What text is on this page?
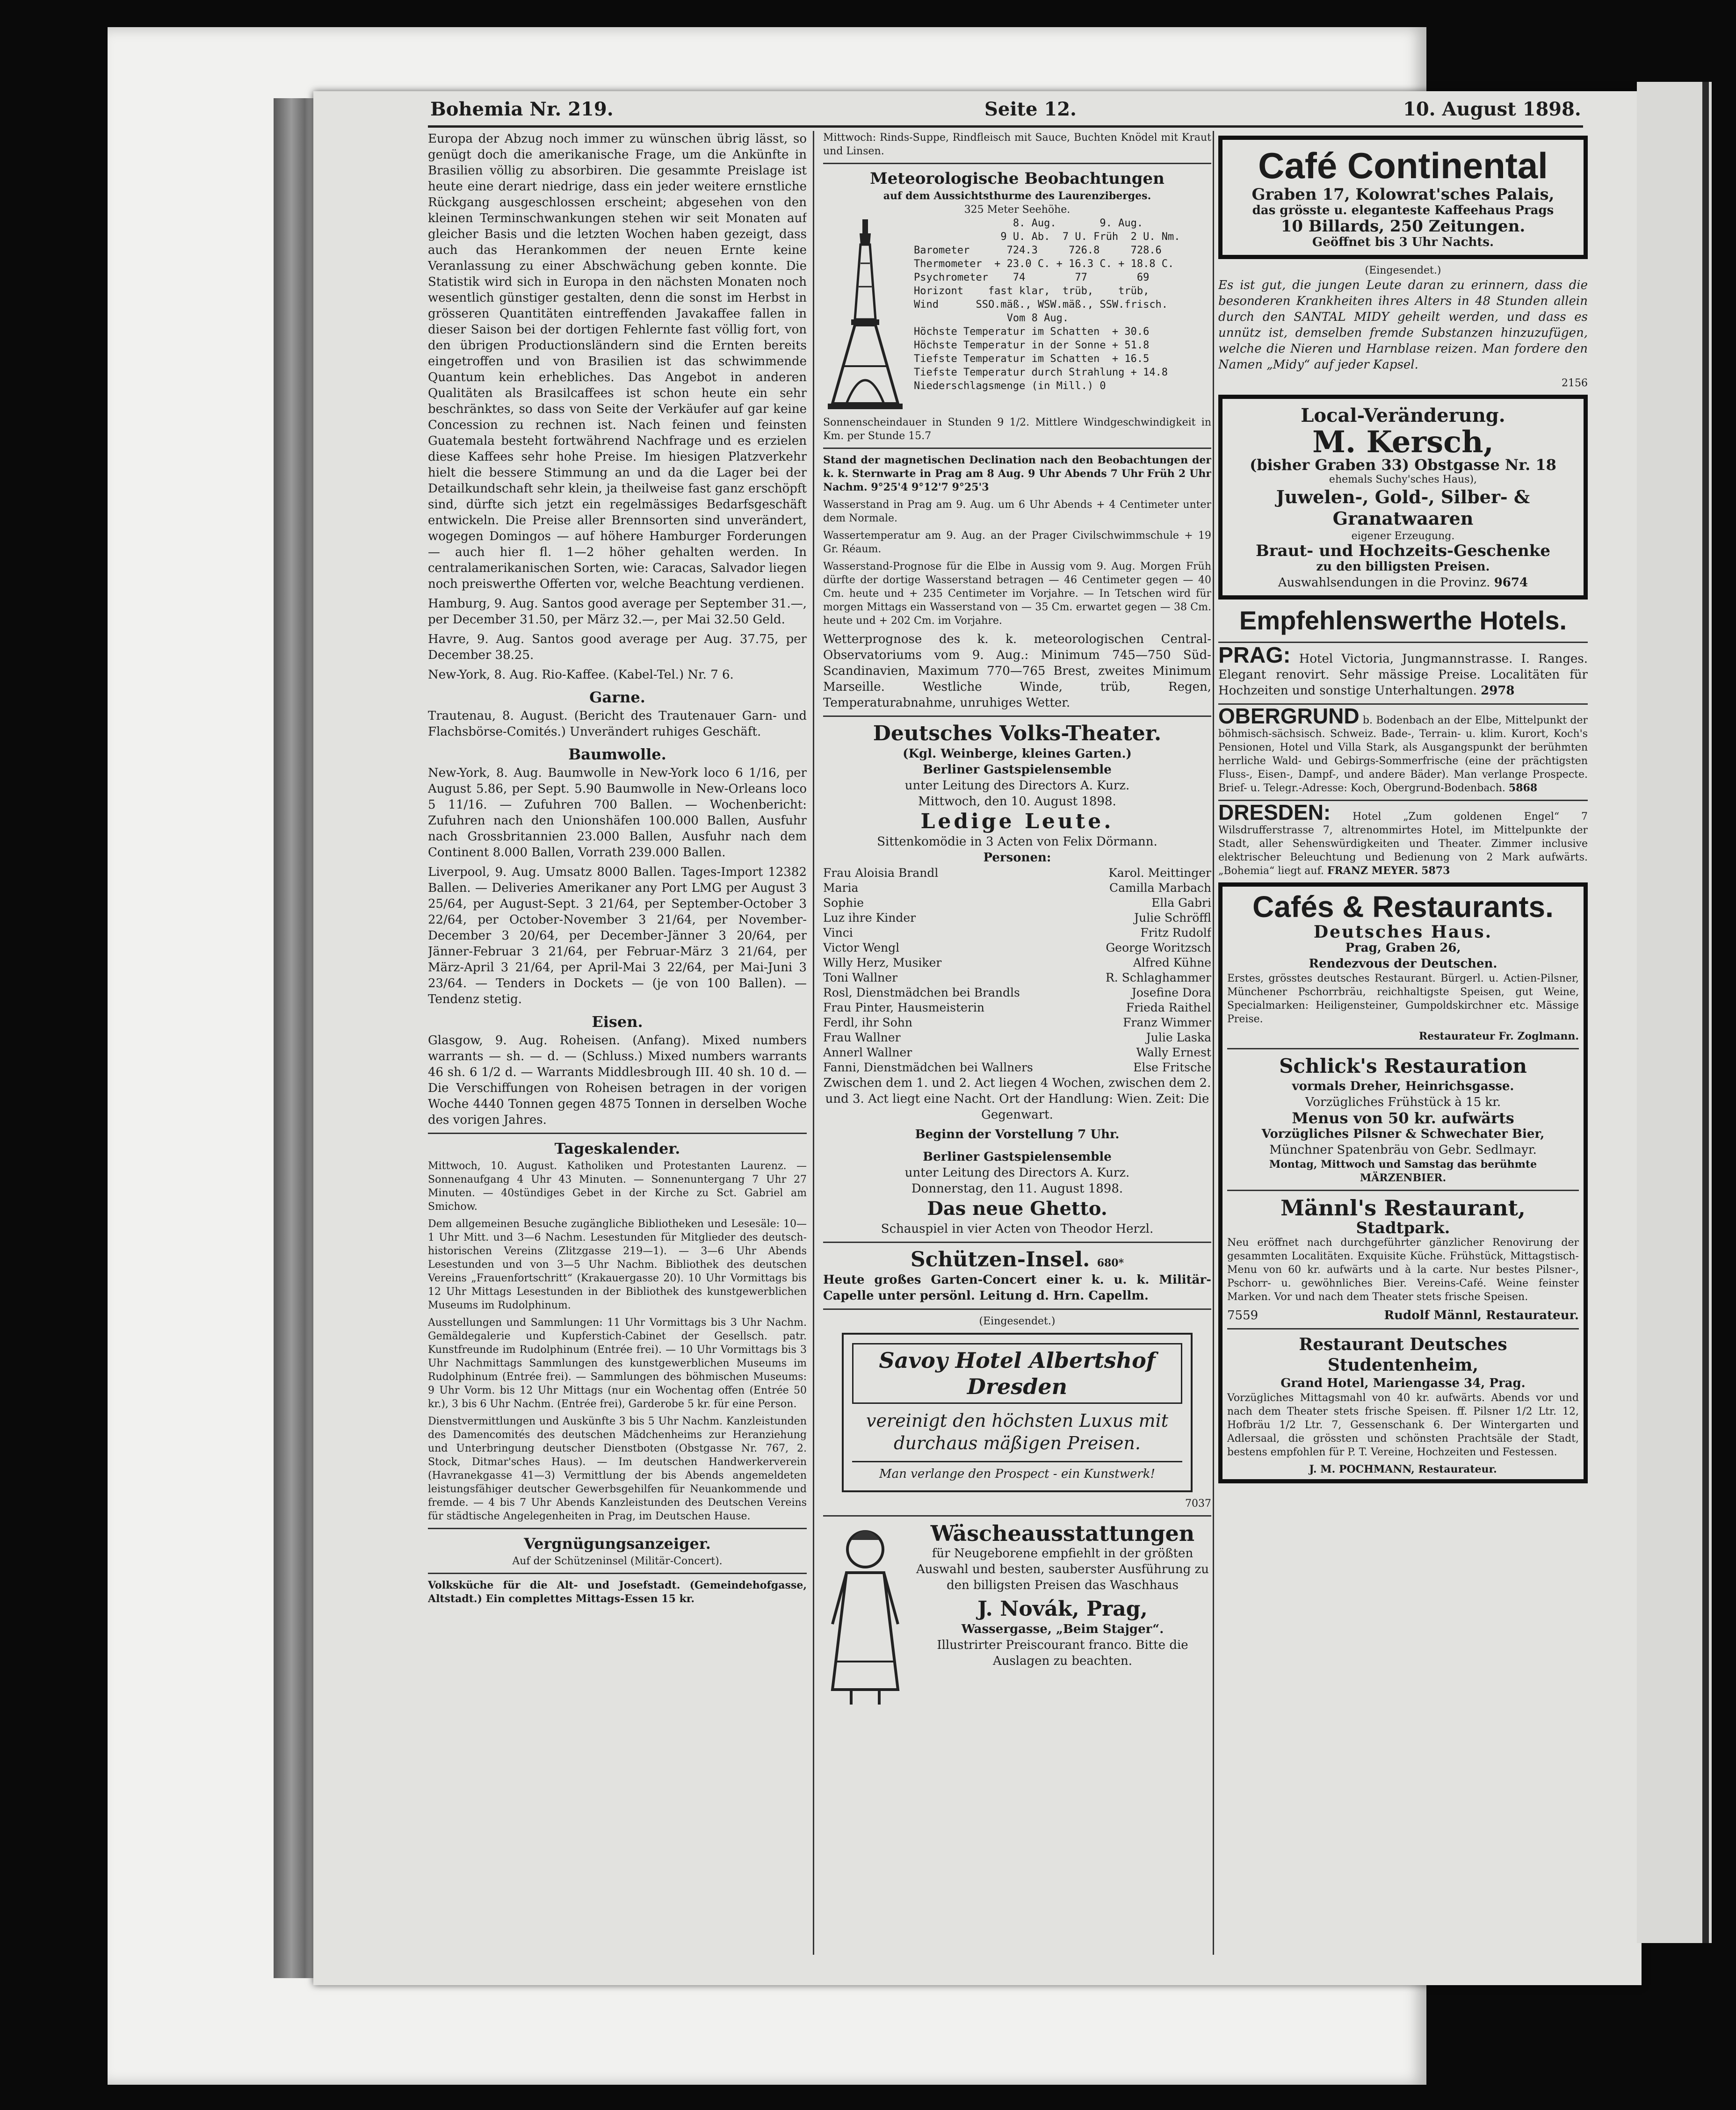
Bohemia Nr. 219.	Seite 12.	10. August 1898.

Europa der Abzug noch immer zu wünschen übrig lässt, so genügt doch die amerikanische Frage, um die Ankünfte in Brasilien völlig zu absorbiren. Die gesammte Preislage ist heute eine derart niedrige, dass ein jeder weitere ernstliche Rückgang ausgeschlossen erscheint; abgesehen von den kleinen Terminschwankungen stehen wir seit Monaten auf gleicher Basis und die letzten Wochen haben gezeigt, dass auch das Herankommen der neuen Ernte keine Veranlassung zu einer Abschwächung geben konnte. Die Statistik wird sich in Europa in den nächsten Monaten noch wesentlich günstiger gestalten, denn die sonst im Herbst in grösseren Quantitäten eintreffenden Javakaffee fallen in dieser Saison bei der dortigen Fehlernte fast völlig fort, von den übrigen Productionsländern sind die Ernten bereits eingetroffen und von Brasilien ist das schwimmende Quantum kein erhebliches. Das Angebot in anderen Qualitäten als Brasilcaffees ist schon heute ein sehr beschränktes, so dass von Seite der Verkäufer auf gar keine Concession zu rechnen ist. Nach feinen und feinsten Guatemala besteht fortwährend Nachfrage und es erzielen diese Kaffees sehr hohe Preise. Im hiesigen Platzverkehr hielt die bessere Stimmung an und da die Lager bei der Detailkundschaft sehr klein, ja theilweise fast ganz erschöpft sind, dürfte sich jetzt ein regelmässiges Bedarfsgeschäft entwickeln. Die Preise aller Brennsorten sind unverändert, wogegen Domingos — auf höhere Hamburger Forderungen — auch hier fl. 1—2 höher gehalten werden. In centralamerikanischen Sorten, wie: Caracas, Salvador liegen noch preiswerthe Offerten vor, welche Beachtung verdienen.

Hamburg, 9. Aug. Santos good average per September 31.—, per December 31.50, per März 32.—, per Mai 32.50 Geld.

Havre, 9. Aug. Santos good average per Aug. 37.75, per December 38.25.

New-York, 8. Aug. Rio-Kaffee. (Kabel-Tel.) Nr. 7 6.

Garne.

Trautenau, 8. August. (Bericht des Trautenauer Garn- und Flachsbörse-Comités.) Unverändert ruhiges Geschäft.

Baumwolle.

New-York, 8. Aug. Baumwolle in New-York loco 6 1/16, per August 5.86, per Sept. 5.90 Baumwolle in New-Orleans loco 5 11/16. — Zufuhren 700 Ballen. — Wochenbericht: Zufuhren nach den Unionshäfen 100.000 Ballen, Ausfuhr nach Grossbritannien 23.000 Ballen, Ausfuhr nach dem Continent 8.000 Ballen, Vorrath 239.000 Ballen.

Liverpool, 9. Aug. Umsatz 8000 Ballen. Tages-Import 12382 Ballen. — Deliveries Amerikaner any Port LMG per August 3 25/64, per August-Sept. 3 21/64, per September-October 3 22/64, per October-November 3 21/64, per November-December 3 20/64, per December-Jänner 3 20/64, per Jänner-Februar 3 21/64, per Februar-März 3 21/64, per März-April 3 21/64, per April-Mai 3 22/64, per Mai-Juni 3 23/64. — Tenders in Dockets — (je von 100 Ballen). — Tendenz stetig.

Eisen.

Glasgow, 9. Aug. Roheisen. (Anfang). Mixed numbers warrants — sh. — d. — (Schluss.) Mixed numbers warrants 46 sh. 6 1/2 d. — Warrants Middlesbrough III. 40 sh. 10 d. — Die Verschiffungen von Roheisen betragen in der vorigen Woche 4440 Tonnen gegen 4875 Tonnen in derselben Woche des vorigen Jahres.

Tageskalender.

Mittwoch, 10. August. Katholiken und Protestanten Laurenz. — Sonnenaufgang 4 Uhr 43 Minuten. — Sonnenuntergang 7 Uhr 27 Minuten. — 40stündiges Gebet in der Kirche zu Sct. Gabriel am Smichow.

Dem allgemeinen Besuche zugängliche Bibliotheken und Lesesäle: 10—1 Uhr Mitt. und 3—6 Nachm. Lesestunden für Mitglieder des deutsch-historischen Vereins (Zlitzgasse 219—1). — 3—6 Uhr Abends Lesestunden und von 3—5 Uhr Nachm. Bibliothek des deutschen Vereins „Frauenfortschritt“ (Krakauergasse 20). 10 Uhr Vormittags bis 12 Uhr Mittags Lesestunden in der Bibliothek des kunstgewerblichen Museums im Rudolphinum.

Ausstellungen und Sammlungen: 11 Uhr Vormittags bis 3 Uhr Nachm. Gemäldegalerie und Kupferstich-Cabinet der Gesellsch. patr. Kunstfreunde im Rudolphinum (Entrée frei). — 10 Uhr Vormittags bis 3 Uhr Nachmittags Sammlungen des kunstgewerblichen Museums im Rudolphinum (Entrée frei). — Sammlungen des böhmischen Museums: 9 Uhr Vorm. bis 12 Uhr Mittags (nur ein Wochentag offen (Entrée 50 kr.), 3 bis 6 Uhr Nachm. (Entrée frei), Garderobe 5 kr. für eine Person.

Dienstvermittlungen und Auskünfte 3 bis 5 Uhr Nachm. Kanzleistunden des Damencomités des deutschen Mädchenheims zur Heranziehung und Unterbringung deutscher Dienstboten (Obstgasse Nr. 767, 2. Stock, Ditmar'sches Haus). — Im deutschen Handwerkerverein (Havranekgasse 41—3) Vermittlung der bis Abends angemeldeten leistungsfähiger deutscher Gewerbsgehilfen für Neuankommende und fremde. — 4 bis 7 Uhr Abends Kanzleistunden des Deutschen Vereins für städtische Angelegenheiten in Prag, im Deutschen Hause.

Vergnügungsanzeiger.

Auf der Schützeninsel (Militär-Concert).

Volksküche für die Alt- und Josefstadt. (Gemeindehofgasse, Altstadt.) Ein complettes Mittags-Essen 15 kr.

Mittwoch: Rinds-Suppe, Rindfleisch mit Sauce, Buchten Knödel mit Kraut und Linsen.

Meteorologische Beobachtungen
auf dem Aussichtsthurme des Laurenziberges.
325 Meter Seehöhe.
8. Aug.       9. Aug.
9 U. Ab.  7 U. Früh  2 U. Nm.
Barometer      724.3     726.8     728.6
Thermometer  + 23.0 C. + 16.3 C. + 18.8 C.
Psychrometer    74        77        69
Horizont    fast klar,  trüb,    trüb,
Wind      SSO.mäß., WSW.mäß., SSW.frisch.
Vom 8 Aug.
Höchste Temperatur im Schatten  + 30.6
Höchste Temperatur in der Sonne + 51.8
Tiefste Temperatur im Schatten  + 16.5
Tiefste Temperatur durch Strahlung + 14.8
Niederschlagsmenge (in Mill.) 0

Sonnenscheindauer in Stunden 9 1/2. Mittlere Windgeschwindigkeit in Km. per Stunde 15.7

Stand der magnetischen Declination nach den Beobachtungen der k. k. Sternwarte in Prag am 8 Aug. 9 Uhr Abends 7 Uhr Früh 2 Uhr Nachm. 9°25'4 9°12'7 9°25'3

Wasserstand in Prag am 9. Aug. um 6 Uhr Abends + 4 Centimeter unter dem Normale.

Wassertemperatur am 9. Aug. an der Prager Civilschwimmschule + 19 Gr. Réaum.

Wasserstand-Prognose für die Elbe in Aussig vom 9. Aug. Morgen Früh dürfte der dortige Wasserstand betragen — 46 Centimeter gegen — 40 Cm. heute und + 235 Centimeter im Vorjahre. — In Tetschen wird für morgen Mittags ein Wasserstand von — 35 Cm. erwartet gegen — 38 Cm. heute und + 202 Cm. im Vorjahre.

Wetterprognose des k. k. meteorologischen Central-Observatoriums vom 9. Aug.: Minimum 745—750 Süd-Scandinavien, Maximum 770—765 Brest, zweites Minimum Marseille. Westliche Winde, trüb, Regen, Temperaturabnahme, unruhiges Wetter.

Deutsches Volks-Theater.
(Kgl. Weinberge, kleines Garten.)
Berliner Gastspielensemble
unter Leitung des Directors A. Kurz.
Mittwoch, den 10. August 1898.
Ledige Leute.
Sittenkomödie in 3 Acten von Felix Dörmann.
Personen:
Frau Aloisia Brandl	Karol. Meittinger
Maria	Camilla Marbach
Sophie	Ella Gabri
Luz ihre Kinder	Julie Schröffl
Vinci	Fritz Rudolf
Victor Wengl	George Woritzsch
Willy Herz, Musiker	Alfred Kühne
Toni Wallner	R. Schlaghammer
Rosl, Dienstmädchen bei Brandls	Josefine Dora
Frau Pinter, Hausmeisterin	Frieda Raithel
Ferdl, ihr Sohn	Franz Wimmer
Frau Wallner	Julie Laska
Annerl Wallner	Wally Ernest
Fanni, Dienstmädchen bei Wallners	Else Fritsche

Zwischen dem 1. und 2. Act liegen 4 Wochen, zwischen dem 2. und 3. Act liegt eine Nacht. Ort der Handlung: Wien. Zeit: Die Gegenwart.

Beginn der Vorstellung 7 Uhr.
Berliner Gastspielensemble
unter Leitung des Directors A. Kurz.
Donnerstag, den 11. August 1898.
Das neue Ghetto.
Schauspiel in vier Acten von Theodor Herzl.
Schützen-Insel. 680*

Heute großes Garten-Concert einer k. u. k. Militär-Capelle unter persönl. Leitung d. Hrn. Capellm.

(Eingesendet.)
Savoy Hotel Albertshof Dresden
vereinigt den höchsten Luxus mit durchaus mäßigen Preisen.
Man verlange den Prospect - ein Kunstwerk!
7037
Wäscheausstattungen

für Neugeborene empfiehlt in der größten Auswahl und besten, sauberster Ausführung zu den billigsten Preisen das Waschhaus

J. Novák, Prag,
Wassergasse, „Beim Stajger“.
Illustrirter Preiscourant franco. Bitte die Auslagen zu beachten.
Café Continental
Graben 17, Kolowrat'sches Palais,
das grösste u. eleganteste Kaffeehaus Prags
10 Billards, 250 Zeitungen.
Geöffnet bis 3 Uhr Nachts.
(Eingesendet.)

Es ist gut, die jungen Leute daran zu erinnern, dass die besonderen Krankheiten ihres Alters in 48 Stunden allein durch den SANTAL MIDY geheilt werden, und dass es unnütz ist, demselben fremde Substanzen hinzuzufügen, welche die Nieren und Harnblase reizen. Man fordere den Namen „Midy“ auf jeder Kapsel.

2156
Local-Veränderung.
M. Kersch,
(bisher Graben 33) Obstgasse Nr. 18
ehemals Suchy'sches Haus),
Juwelen-, Gold-, Silber- & Granatwaaren
eigener Erzeugung.
Braut- und Hochzeits-Geschenke
zu den billigsten Preisen.
Auswahlsendungen in die Provinz. 9674
Empfehlenswerthe Hotels.

PRAG: Hotel Victoria, Jungmannstrasse. I. Ranges. Elegant renovirt. Sehr mässige Preise. Localitäten für Hochzeiten und sonstige Unterhaltungen. 2978

OBERGRUND b. Bodenbach an der Elbe, Mittelpunkt der böhmisch-sächsisch. Schweiz. Bade-, Terrain- u. klim. Kurort, Koch's Pensionen, Hotel und Villa Stark, als Ausgangspunkt der berühmten herrliche Wald- und Gebirgs-Sommerfrische (eine der prächtigsten Fluss-, Eisen-, Dampf-, und andere Bäder). Man verlange Prospecte. Brief- u. Telegr.-Adresse: Koch, Obergrund-Bodenbach. 5868

DRESDEN: Hotel „Zum goldenen Engel“ 7 Wilsdrufferstrasse 7, altrenommirtes Hotel, im Mittelpunkte der Stadt, aller Sehenswürdigkeiten und Theater. Zimmer inclusive elektrischer Beleuchtung und Bedienung von 2 Mark aufwärts. „Bohemia“ liegt auf. FRANZ MEYER. 5873

Cafés & Restaurants.
Deutsches Haus.
Prag, Graben 26,
Rendezvous der Deutschen.

Erstes, grösstes deutsches Restaurant. Bürgerl. u. Actien-Pilsner, Münchener Pschorrbräu, reichhaltigste Speisen, gut Weine, Specialmarken: Heiligensteiner, Gumpoldskirchner etc. Mässige Preise.

Restaurateur Fr. Zoglmann.
Schlick's Restauration
vormals Dreher, Heinrichsgasse.
Vorzügliches Frühstück à 15 kr.
Menus von 50 kr. aufwärts
Vorzügliches Pilsner & Schwechater Bier,
Münchner Spatenbräu von Gebr. Sedlmayr.
Montag, Mittwoch und Samstag das berühmte MÄRZENBIER.
Männl's Restaurant,
Stadtpark.

Neu eröffnet nach durchgeführter gänzlicher Renovirung der gesammten Localitäten. Exquisite Küche. Frühstück, Mittagstisch-Menu von 60 kr. aufwärts und à la carte. Nur bestes Pilsner-, Pschorr- u. gewöhnliches Bier. Vereins-Café. Weine feinster Marken. Vor und nach dem Theater stets frische Speisen.

7559	Rudolf Männl, Restaurateur.
Restaurant Deutsches Studentenheim,
Grand Hotel, Mariengasse 34, Prag.

Vorzügliches Mittagsmahl von 40 kr. aufwärts. Abends vor und nach dem Theater stets frische Speisen. ff. Pilsner 1/2 Ltr. 12, Hofbräu 1/2 Ltr. 7, Gessenschank 6. Der Wintergarten und Adlersaal, die grössten und schönsten Prachtsäle der Stadt, bestens empfohlen für P. T. Vereine, Hochzeiten und Festessen.

J. M. POCHMANN, Restaurateur.
